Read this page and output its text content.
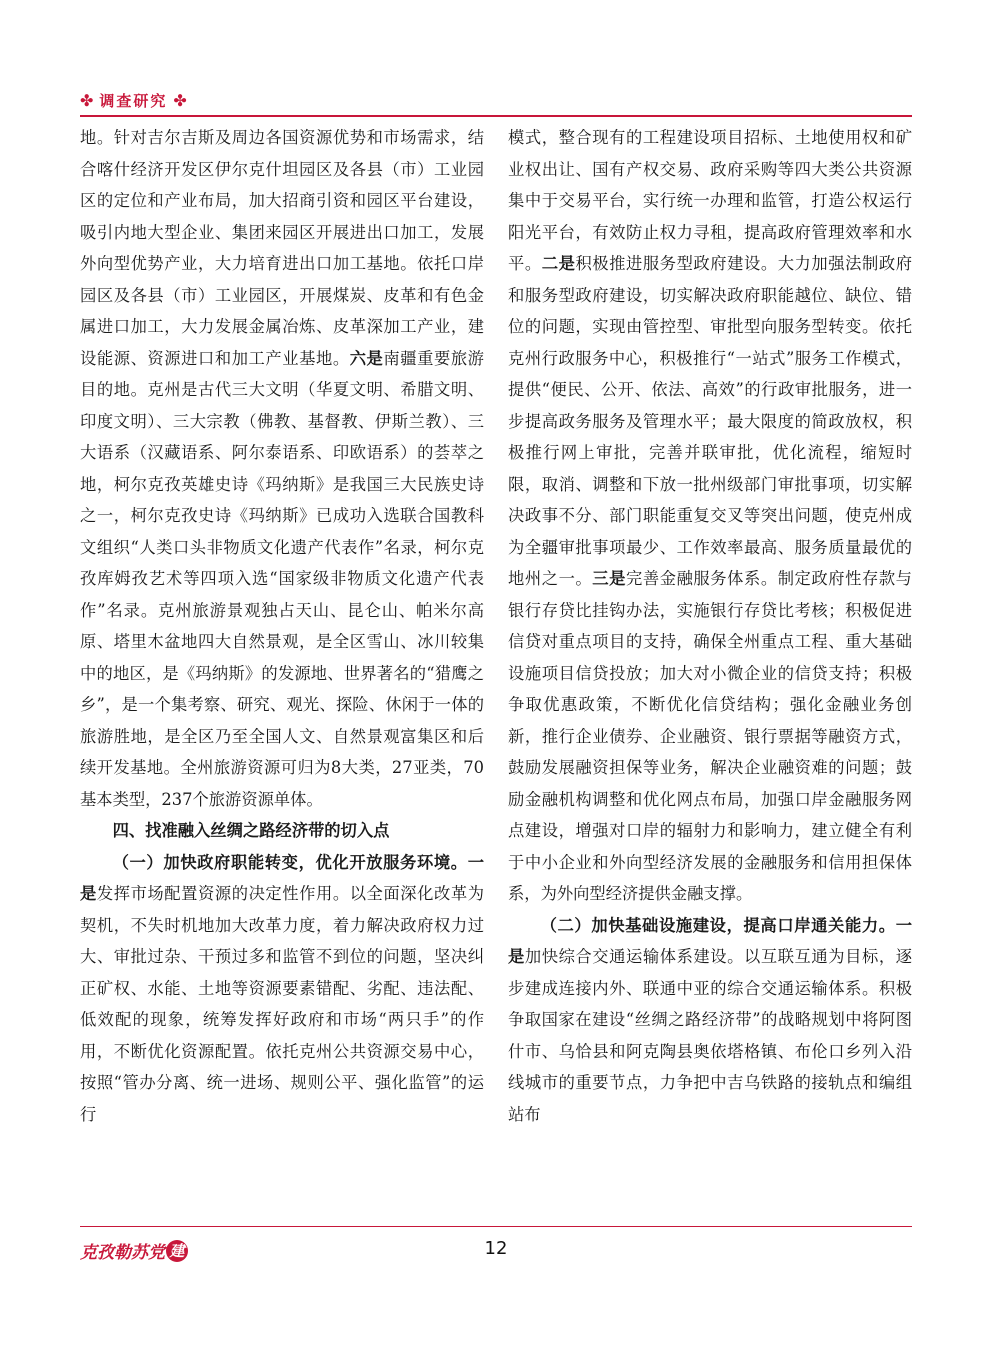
✤ 调查研究 ✤

地。针对吉尔吉斯及周边各国资源优势和市场需求，结合喀什经济开发区伊尔克什坦园区及各县（市）工业园区的定位和产业布局，加大招商引资和园区平台建设，吸引内地大型企业、集团来园区开展进出口加工，发展外向型优势产业，大力培育进出口加工基地。依托口岸园区及各县（市）工业园区，开展煤炭、皮革和有色金属进口加工，大力发展金属冶炼、皮革深加工产业，建设能源、资源进口和加工产业基地。六是南疆重要旅游目的地。克州是古代三大文明（华夏文明、希腊文明、印度文明）、三大宗教（佛教、基督教、伊斯兰教）、三大语系（汉藏语系、阿尔泰语系、印欧语系）的荟萃之地，柯尔克孜英雄史诗《玛纳斯》是我国三大民族史诗之一，柯尔克孜史诗《玛纳斯》已成功入选联合国教科文组织“人类口头非物质文化遗产代表作”名录，柯尔克孜库姆孜艺术等四项入选“国家级非物质文化遗产代表作”名录。克州旅游景观独占天山、昆仑山、帕米尔高原、塔里木盆地四大自然景观，是全区雪山、冰川较集中的地区，是《玛纳斯》的发源地、世界著名的“猎鹰之乡”，是一个集考察、研究、观光、探险、休闲于一体的旅游胜地，是全区乃至全国人文、自然景观富集区和后续开发基地。全州旅游资源可归为8大类，27亚类，70基本类型，237个旅游资源单体。

四、找准融入丝绸之路经济带的切入点

（一）加快政府职能转变，优化开放服务环境。一是发挥市场配置资源的决定性作用。以全面深化改革为契机，不失时机地加大改革力度，着力解决政府权力过大、审批过杂、干预过多和监管不到位的问题，坚决纠正矿权、水能、土地等资源要素错配、劣配、违法配、低效配的现象，统筹发挥好政府和市场“两只手”的作用，不断优化资源配置。依托克州公共资源交易中心，按照“管办分离、统一进场、规则公平、强化监管”的运行

模式，整合现有的工程建设项目招标、土地使用权和矿业权出让、国有产权交易、政府采购等四大类公共资源集中于交易平台，实行统一办理和监管，打造公权运行阳光平台，有效防止权力寻租，提高政府管理效率和水平。二是积极推进服务型政府建设。大力加强法制政府和服务型政府建设，切实解决政府职能越位、缺位、错位的问题，实现由管控型、审批型向服务型转变。依托克州行政服务中心，积极推行“一站式”服务工作模式，提供“便民、公开、依法、高效”的行政审批服务，进一步提高政务服务及管理水平；最大限度的简政放权，积极推行网上审批，完善并联审批，优化流程，缩短时限，取消、调整和下放一批州级部门审批事项，切实解决政事不分、部门职能重复交叉等突出问题，使克州成为全疆审批事项最少、工作效率最高、服务质量最优的地州之一。三是完善金融服务体系。制定政府性存款与银行存贷比挂钩办法，实施银行存贷比考核；积极促进信贷对重点项目的支持，确保全州重点工程、重大基础设施项目信贷投放；加大对小微企业的信贷支持；积极争取优惠政策，不断优化信贷结构；强化金融业务创新，推行企业债券、企业融资、银行票据等融资方式，鼓励发展融资担保等业务，解决企业融资难的问题；鼓励金融机构调整和优化网点布局，加强口岸金融服务网点建设，增强对口岸的辐射力和影响力，建立健全有利于中小企业和外向型经济发展的金融服务和信用担保体系，为外向型经济提供金融支撑。

（二）加快基础设施建设，提高口岸通关能力。一是加快综合交通运输体系建设。以互联互通为目标，逐步建成连接内外、联通中亚的综合交通运输体系。积极争取国家在建设“丝绸之路经济带”的战略规划中将阿图什市、乌恰县和阿克陶县奥依塔格镇、布伦口乡列入沿线城市的重要节点，力争把中吉乌铁路的接轨点和编组站布

克孜勒苏党 建	12
